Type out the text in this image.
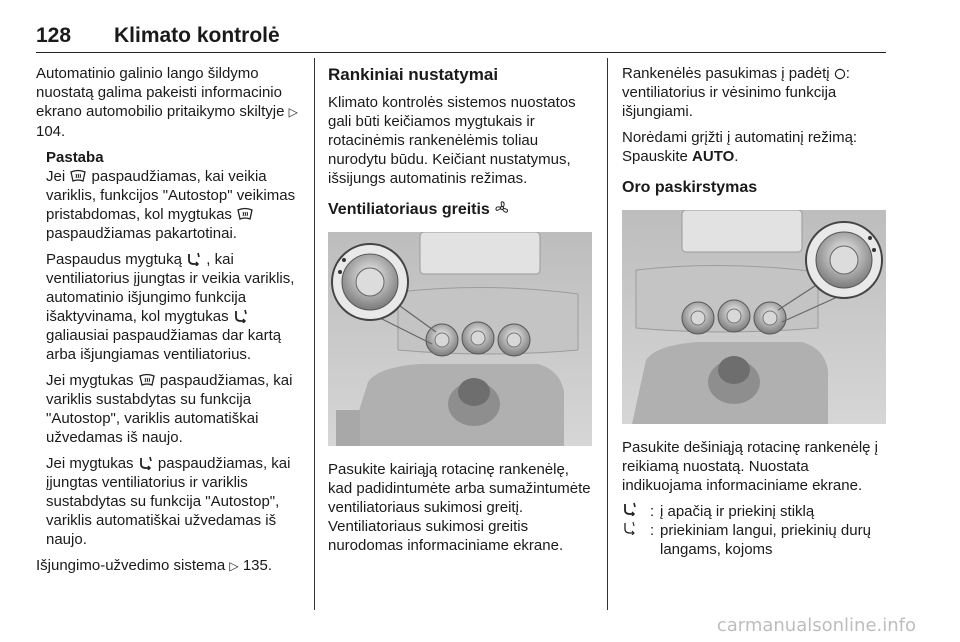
128	Klimato kontrolė

Automatinio galinio lango šildymo nuostatą galima pakeisti informacinio ekrano automobilio pritaikymo skiltyje ▷ 104.

Pastaba

Jei paspaudžiamas, kai veikia variklis, funkcijos "Autostop" veikimas pristabdomas, kol mygtukas  paspaudžiamas pakartotinai.

Paspaudus mygtuką , kai ventiliatorius įjungtas ir veikia variklis, automatinio išjungimo funkcija išaktyvinama, kol mygtukas  galiausiai paspaudžiamas dar kartą arba išjungiamas ventiliatorius.

Jei mygtukas paspaudžiamas, kai variklis sustabdytas su funkcija "Autostop", variklis automatiškai užvedamas iš naujo.

Jei mygtukas paspaudžiamas, kai įjungtas ventiliatorius ir variklis sustabdytas su funkcija "Autostop", variklis automatiškai užvedamas iš naujo.

Išjungimo-užvedimo sistema ▷ 135.

Rankiniai nustatymai

Klimato kontrolės sistemos nuostatos gali būti keičiamos mygtukais ir rotacinėmis rankenėlėmis toliau nurodytu būdu. Keičiant nustatymus, išsijungs automatinis režimas.

Ventiliatoriaus greitis

Pasukite kairiąją rotacinę rankenėlę, kad padidintumėte arba sumažintumėte ventiliatoriaus sukimosi greitį. Ventiliatoriaus sukimosi greitis nurodomas informaciniame ekrane.

Rankenėlės pasukimas į padėtį : ventiliatorius ir vėsinimo funkcija išjungiami.

Norėdami grįžti į automatinį režimą: Spauskite AUTO.

Oro paskirstymas

Pasukite dešiniąją rotacinę rankenėlę į reikiamą nuostatą. Nuostata indikuojama informaciniame ekrane.

: į apačią ir priekinį stiklą
: priekiniam langui, priekinių durų langams, kojoms
carmanualsonline.info
